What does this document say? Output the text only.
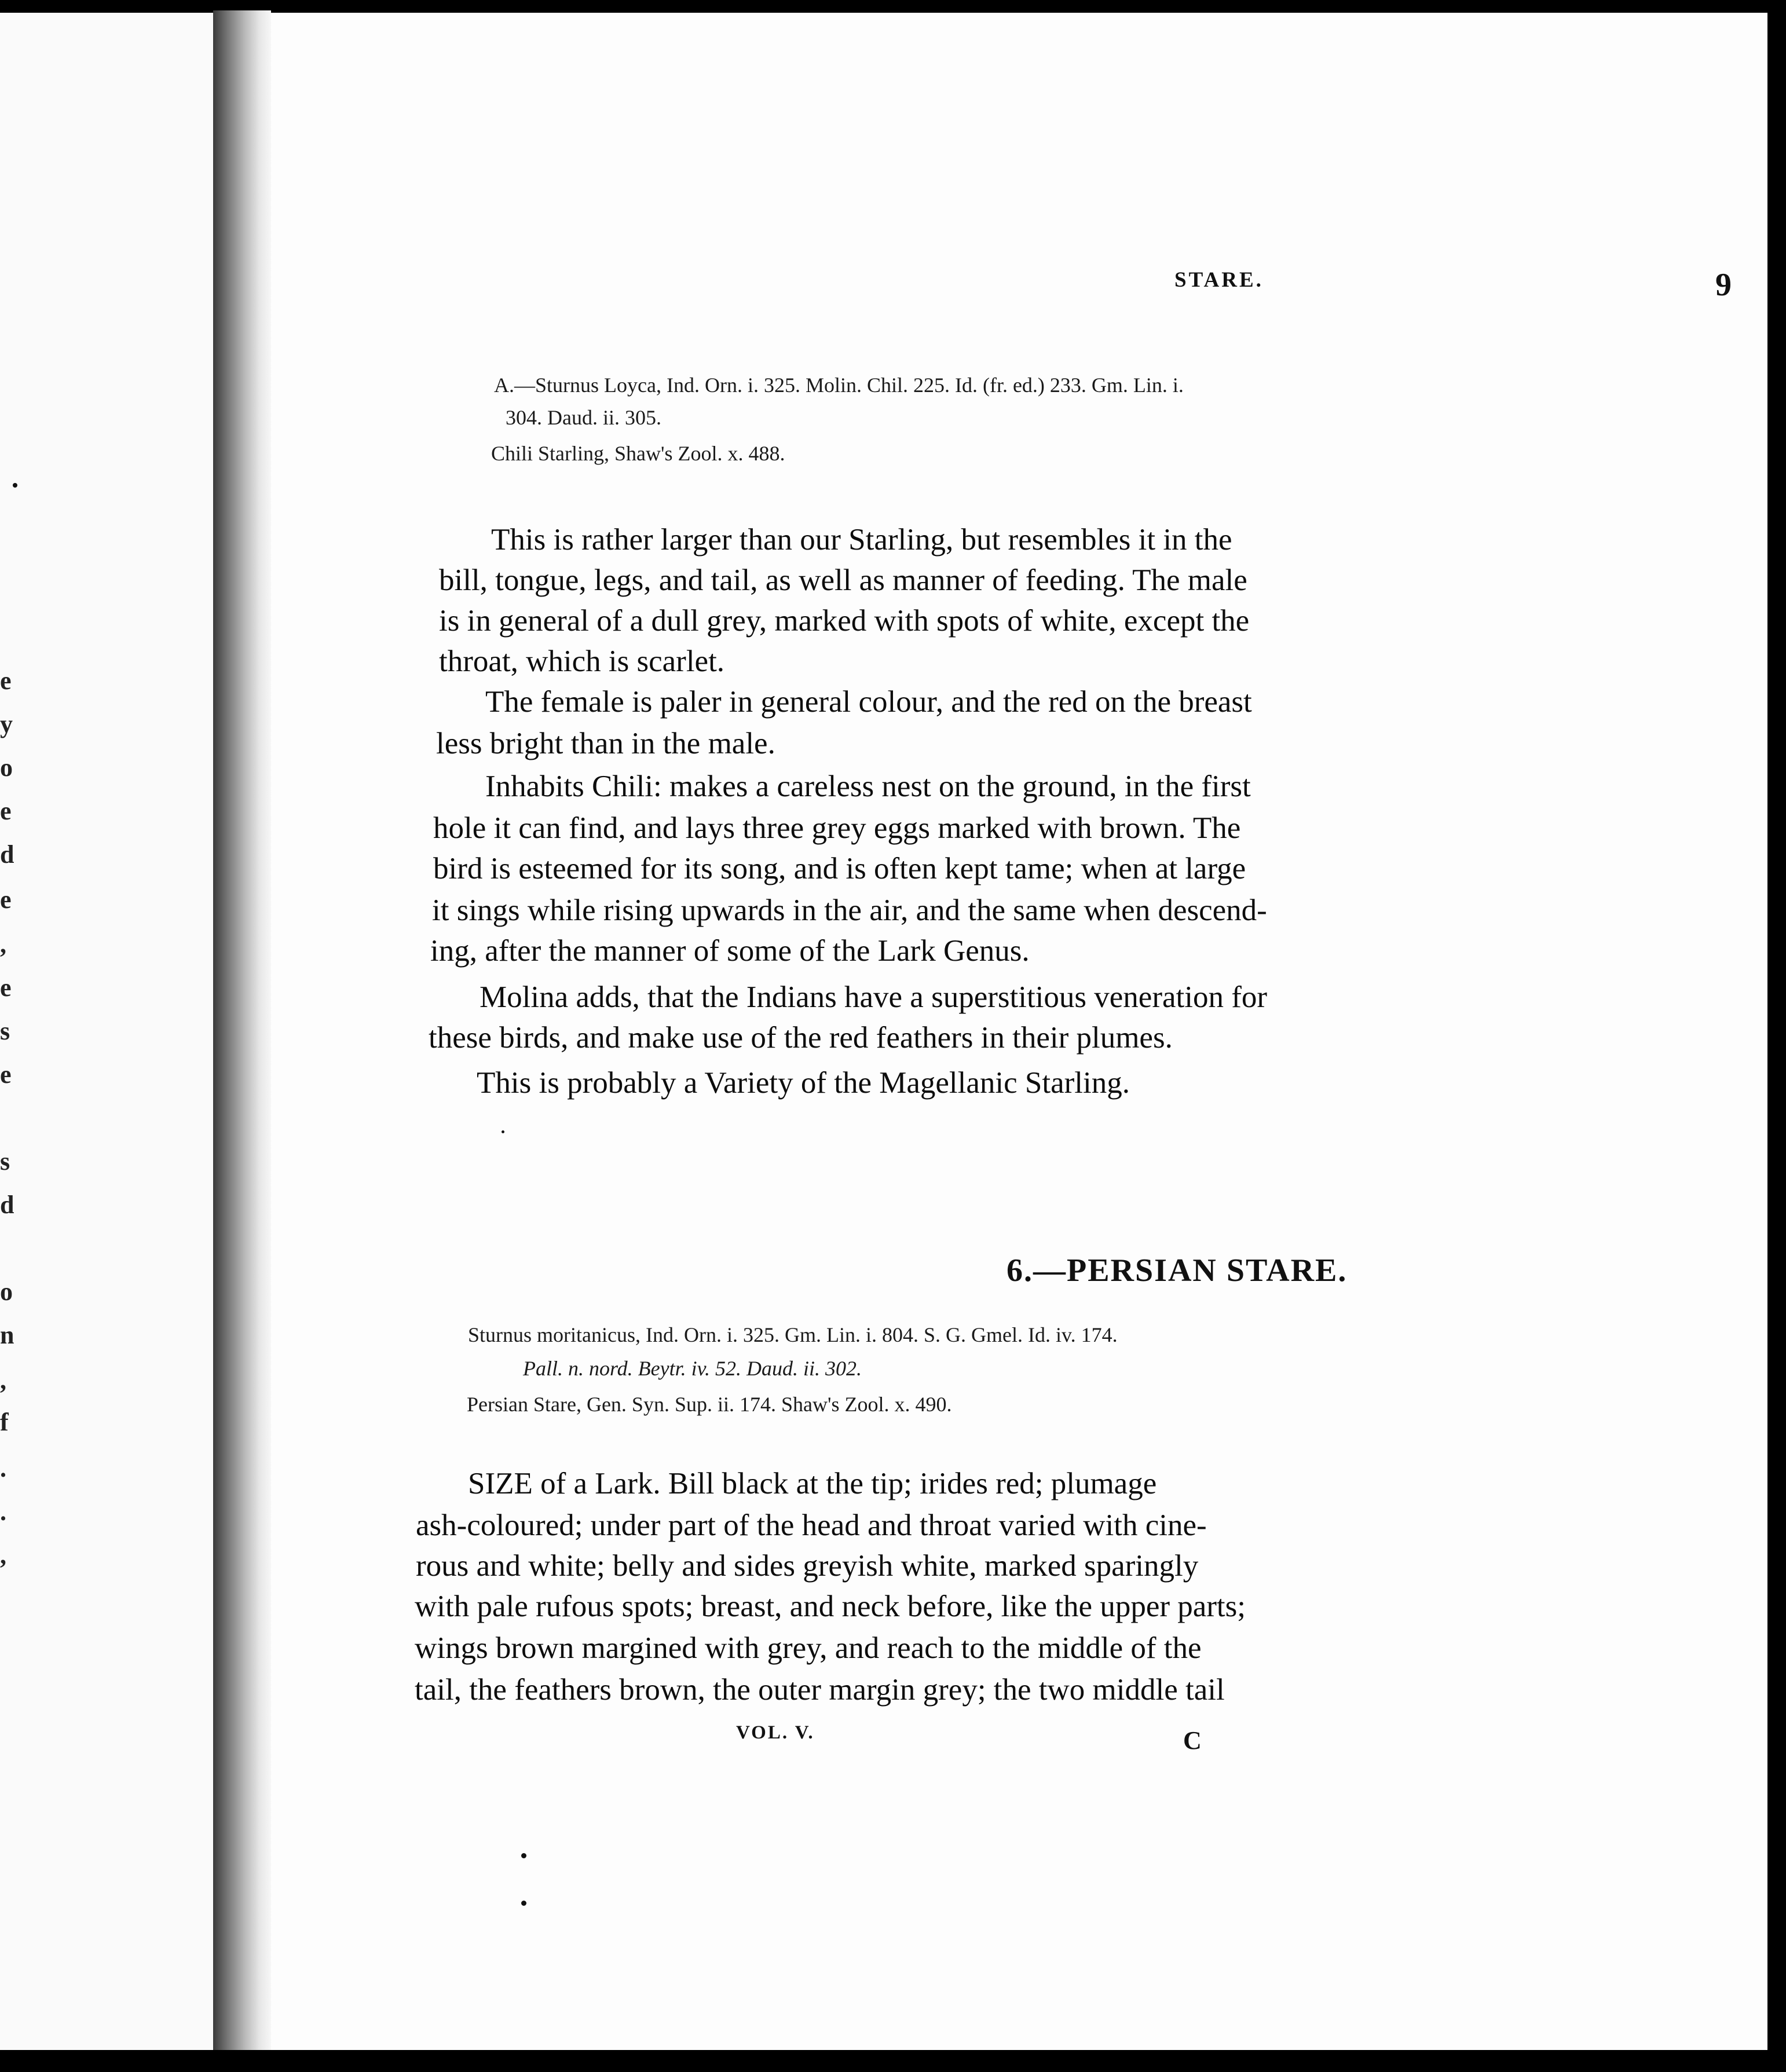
e
y
o
e
d
e
,
e
s
e
s
d
o
n
,
f
.
.
,
STARE.	9
A.—Sturnus Loyca, Ind. Orn. i. 325. Molin. Chil. 225. Id. (fr. ed.) 233. Gm. Lin. i.
304. Daud. ii. 305.
Chili Starling, Shaw's Zool. x. 488.
This is rather larger than our Starling, but resembles it in the
bill, tongue, legs, and tail, as well as manner of feeding. The male
is in general of a dull grey, marked with spots of white, except the
throat, which is scarlet.
The female is paler in general colour, and the red on the breast
less bright than in the male.
Inhabits Chili: makes a careless nest on the ground, in the first
hole it can find, and lays three grey eggs marked with brown. The
bird is esteemed for its song, and is often kept tame; when at large
it sings while rising upwards in the air, and the same when descend-
ing, after the manner of some of the Lark Genus.
Molina adds, that the Indians have a superstitious veneration for
these birds, and make use of the red feathers in their plumes.
This is probably a Variety of the Magellanic Starling.
6.—PERSIAN STARE.
Sturnus moritanicus, Ind. Orn. i. 325. Gm. Lin. i. 804. S. G. Gmel. Id. iv. 174.
Pall. n. nord. Beytr. iv. 52. Daud. ii. 302.
Persian Stare, Gen. Syn. Sup. ii. 174. Shaw's Zool. x. 490.
SIZE of a Lark. Bill black at the tip; irides red; plumage
ash-coloured; under part of the head and throat varied with cine-
rous and white; belly and sides greyish white, marked sparingly
with pale rufous spots; breast, and neck before, like the upper parts;
wings brown margined with grey, and reach to the middle of the
tail, the feathers brown, the outer margin grey; the two middle tail
VOL. V.	C
